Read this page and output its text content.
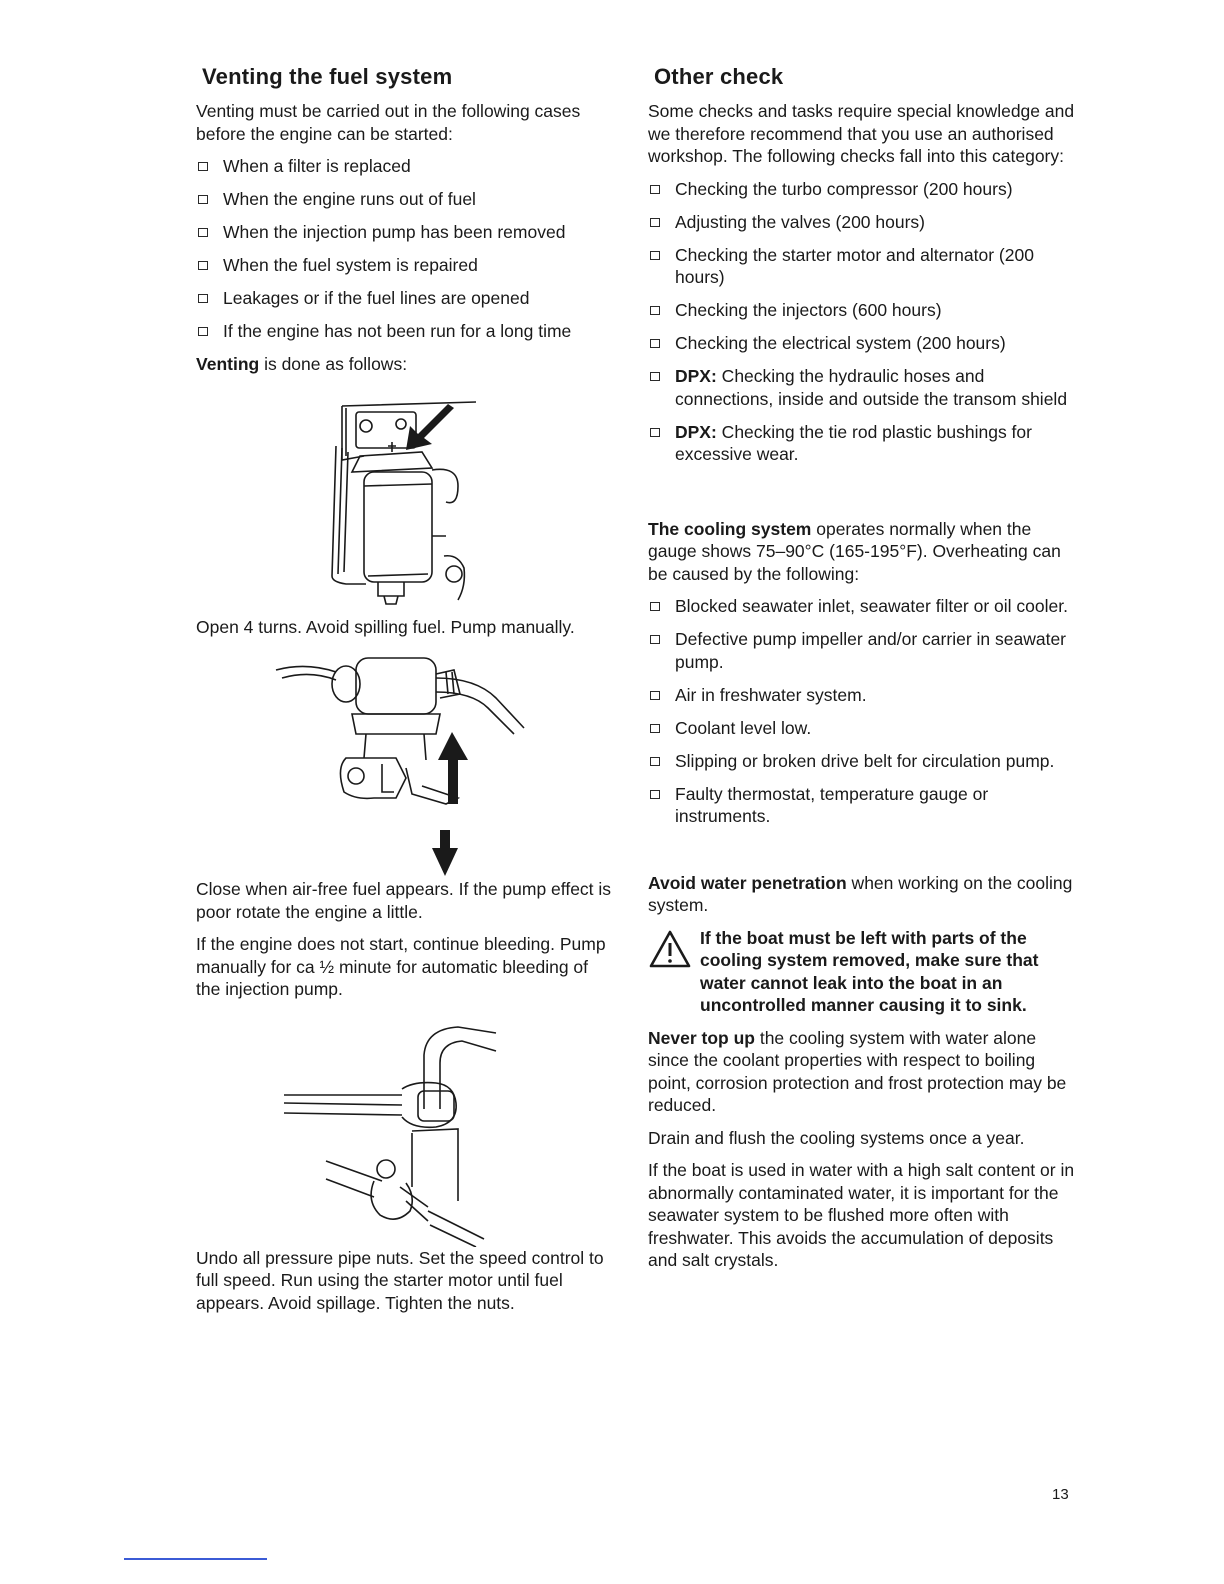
Venting the fuel system

Venting must be carried out in the following cases before the engine can be started:

When a filter is replaced
When the engine runs out of fuel
When the injection pump has been removed
When the fuel system is repaired
Leakages or if the fuel lines are opened
If the engine has not been run for a long time

Venting is done as follows:

Open 4 turns. Avoid spilling fuel. Pump manually.

Close when air-free fuel appears. If the pump effect is poor rotate the engine a little.

If the engine does not start, continue bleeding. Pump manually for ca ½ minute for automatic bleeding of the injection pump.

Undo all pressure pipe nuts. Set the speed control to full speed. Run using the starter motor until fuel appears. Avoid spillage. Tighten the nuts.

Other check

Some checks and tasks require special knowledge and we therefore recommend that you use an authorised workshop. The following checks fall into this category:

Checking the turbo compressor (200 hours)
Adjusting the valves (200 hours)
Checking the starter motor and alternator (200 hours)
Checking the injectors (600 hours)
Checking the electrical system (200 hours)
DPX: Checking the hydraulic hoses and connections, inside and outside the transom shield
DPX: Checking the tie rod plastic bushings for excessive wear.

The cooling system operates normally when the gauge shows 75–90°C (165-195°F). Overheating can be caused by the following:

Blocked seawater inlet, seawater filter or oil cooler.
Defective pump impeller and/or carrier in seawater pump.
Air in freshwater system.
Coolant level low.
Slipping or broken drive belt for circulation pump.
Faulty thermostat, temperature gauge or instruments.

Avoid water penetration when working on the cooling system.

If the boat must be left with parts of the cooling system removed, make sure that water cannot leak into the boat in an uncontrolled manner causing it to sink.

Never top up the cooling system with water alone since the coolant properties with respect to boiling point, corrosion protection and frost protection may be reduced.

Drain and flush the cooling systems once a year.

If the boat is used in water with a high salt content or in abnormally contaminated water, it is important for the seawater system to be flushed more often with freshwater. This avoids the accumulation of deposits and salt crystals.

13
